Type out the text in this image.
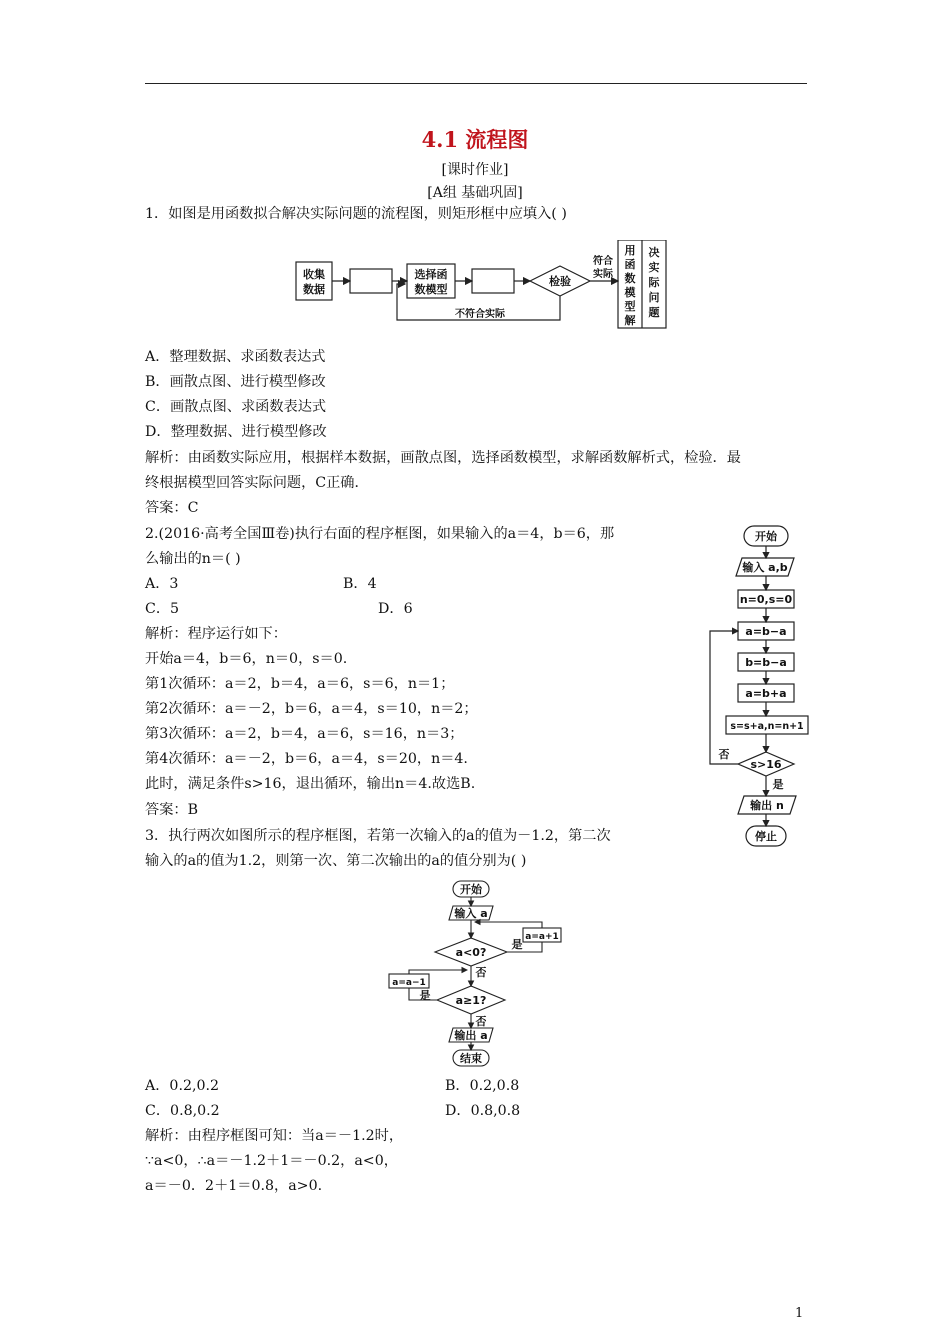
4.1 流程图
[课时作业]
[A组 基础巩固]
1．如图是用函数拟合解决实际问题的流程图，则矩形框中应填入( )
收集
数据
选择函
数模型
检验
符合
实际
不符合实际
用
函
数
模
型
解
决
实
际
问
题
A．整理数据、求函数表达式
B．画散点图、进行模型修改
C．画散点图、求函数表达式
D．整理数据、进行模型修改
解析：由函数实际应用，根据样本数据，画散点图，选择函数模型，求解函数解析式，检验．最
终根据模型回答实际问题，C正确．
答案：C
2.(2016·高考全国Ⅲ卷)执行右面的程序框图，如果输入的a＝4，b＝6，那
么输出的n＝( )
A．3	B．4
C．5	D．6
解析：程序运行如下：
开始a＝4，b＝6，n＝0，s＝0.
第1次循环：a＝2，b＝4，a＝6，s＝6，n＝1；
第2次循环：a＝－2，b＝6，a＝4，s＝10，n＝2；
第3次循环：a＝2，b＝4，a＝6，s＝16，n＝3；
第4次循环：a＝－2，b＝6，a＝4，s＝20，n＝4.
此时，满足条件s>16，退出循环，输出n＝4.故选B.
答案：B
开始
输入 a,b
n=0,s=0
a=b−a
b=b−a
a=b+a
s=s+a,n=n+1
s>16
否
是
输出 n
停止
3．执行两次如图所示的程序框图，若第一次输入的a的值为－1.2，第二次
输入的a的值为1.2，则第一次、第二次输出的a的值分别为( )
开始
输入 a
a<0?
a=a+1
是
否
a=a−1
是 a≥1?
否
输出 a
结束
A．0.2,0.2	B．0.2,0.8
C．0.8,0.2	D．0.8,0.8
解析：由程序框图可知：当a＝－1.2时，
∵a<0，∴a＝－1.2＋1＝－0.2，a<0，
a＝－0．2＋1＝0.8，a>0.
1
